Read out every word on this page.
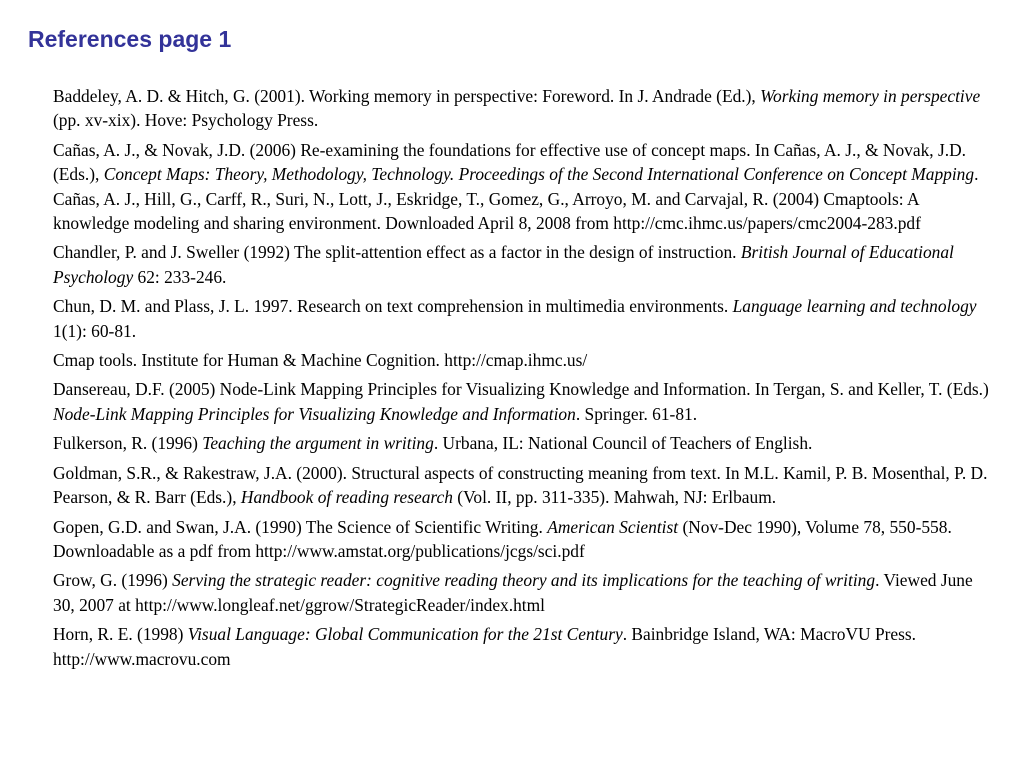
References page 1

Baddeley, A. D. & Hitch, G. (2001). Working memory in perspective: Foreword. In J. Andrade (Ed.), Working memory in perspective (pp. xv-xix). Hove: Psychology Press.

Cañas, A. J., & Novak, J.D. (2006) Re-examining the foundations for effective use of concept maps. In Cañas, A. J., & Novak, J.D. (Eds.), Concept Maps: Theory, Methodology, Technology. Proceedings of the Second International Conference on Concept Mapping.

Cañas, A. J., Hill, G., Carff, R., Suri, N., Lott, J., Eskridge, T., Gomez, G., Arroyo, M. and Carvajal, R. (2004) Cmaptools: A knowledge modeling and sharing environment. Downloaded April 8, 2008 from http://cmc.ihmc.us/papers/cmc2004-283.pdf

Chandler, P. and J. Sweller (1992) The split-attention effect as a factor in the design of instruction. British Journal of Educational Psychology 62: 233-246.

Chun, D. M. and Plass, J. L. 1997. Research on text comprehension in multimedia environments. Language learning and technology 1(1): 60-81.

Cmap tools. Institute for Human & Machine Cognition. http://cmap.ihmc.us/

Dansereau, D.F. (2005) Node-Link Mapping Principles for Visualizing Knowledge and Information. In Tergan, S. and Keller, T. (Eds.) Node-Link Mapping Principles for Visualizing Knowledge and Information. Springer. 61-81.

Fulkerson, R. (1996) Teaching the argument in writing. Urbana, IL: National Council of Teachers of English.

Goldman, S.R., & Rakestraw, J.A. (2000). Structural aspects of constructing meaning from text. In M.L. Kamil, P. B. Mosenthal, P. D. Pearson, & R. Barr (Eds.), Handbook of reading research (Vol. II, pp. 311-335). Mahwah, NJ: Erlbaum.

Gopen, G.D. and Swan, J.A. (1990) The Science of Scientific Writing. American Scientist (Nov-Dec 1990), Volume 78, 550-558. Downloadable as a pdf from http://www.amstat.org/publications/jcgs/sci.pdf

Grow, G. (1996) Serving the strategic reader: cognitive reading theory and its implications for the teaching of writing. Viewed June 30, 2007 at http://www.longleaf.net/ggrow/StrategicReader/index.html

Horn, R. E. (1998) Visual Language: Global Communication for the 21st Century. Bainbridge Island, WA: MacroVU Press. http://www.macrovu.com
